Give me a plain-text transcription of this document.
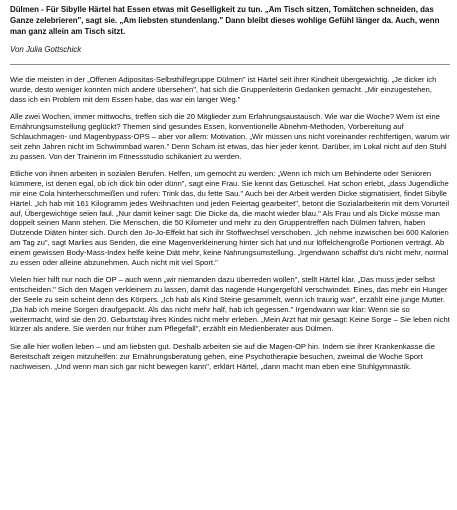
Dülmen - Für Sibylle Härtel hat Essen etwas mit Geselligkeit zu tun. „Am Tisch sitzen, Tomätchen schneiden, das Ganze zelebrieren", sagt sie. „Am liebsten stundenlang." Dann bleibt dieses wohlige Gefühl länger da. Auch, wenn man ganz allein am Tisch sitzt.

Von Julia Gottschick

Wie die meisten in der „Offenen Adipositas-Selbsthilfegruppe Dülmen" ist Härtel seit ihrer Kindheit übergewichtig. „Je dicker ich wurde, desto weniger konnten mich andere übersehen", hat sich die Gruppenleiterin Gedanken gemacht. „Mir einzugestehen, dass ich ein Problem mit dem Essen habe, das war ein langer Weg."

Alle zwei Wochen, immer mittwochs, treffen sich die 20 Mitglieder zum Erfahrungsaustausch. Wie war die Woche? Wem ist eine Ernährungsumstellung geglückt? Themen sind gesundes Essen, konventionelle Abnehm-Methoden, Vorbereitung auf Schlauchmagen- und Magenbypass-OPS – aber vor allem: Motivation. „Wir müssen uns nicht voreinander rechtfertigen, warum wir seit zehn Jahren nicht im Schwimmbad waren." Denn Scham ist etwas, das hier jeder kennt. Darüber, im Lokal nicht auf den Stuhl zu passen. Von der Trainerin im Fitnessstudio schikaniert zu werden.

Etliche von ihnen arbeiten in sozialen Berufen. Helfen, um gemocht zu werden: „Wenn ich mich um Behinderte oder Senioren kümmere, ist denen egal, ob ich dick bin oder dünn", sagt eine Frau. Sie kennt das Getuschel. Hat schon erlebt, „dass Jugendliche mir eine Cola hinterherschmeißen und rufen: Trink das, du fette Sau." Auch bei der Arbeit werden Dicke stigmatisiert, findet Sibylle Härtel. „Ich hab mit 161 Kilogramm jedes Weihnachten und jeden Feiertag gearbeitet", betont die Sozialarbeiterin mit dem Vorurteil auf, Übergewichtige seien faul. „Nur damit keiner sagt: Die Dicke da, die macht wieder blau." Als Frau und als Dicke müsse man doppelt seinen Mann stehen. Die Menschen, die 50 Kilometer und mehr zu den Gruppentreffen nach Dülmen fahren, haben Dutzende Diäten hinter sich. Durch den Jo-Jo-Effekt hat sich ihr Stoffwechsel verschoben. „Ich nehme inzwischen bei 600 Kalorien am Tag zu", sagt Marlies aus Senden, die eine Magenverkleinerung hinter sich hat und nur löffelchengroße Portionen verträgt. Ab einem gewissen Body-Mass-Index helfe keine Diät mehr, keine Nahrungsumstellung. „Irgendwann schaffst du's nicht mehr, normal zu essen oder alleine abzunehmen. Auch nicht mit viel Sport."

Vielen hier hilft nur noch die OP – auch wenn „wir niemanden dazu überreden wollen", stellt Härtel klar. „Das muss jeder selbst entscheiden." Sich den Magen verkleinern zu lassen, damit das nagende Hungergefühl verschwindet. Eines, das mehr ein Hunger der Seele zu sein scheint denn des Körpers. „Ich hab als Kind Steine gesammelt, wenn ich traurig war", erzählt eine junge Mutter. „Da hab ich meine Sorgen draufgepackt. Als das nicht mehr half, hab ich gegessen." Irgendwann war klar: Wenn sie so weitermacht, wird sie den 20. Geburtstag ihres Kindes nicht mehr erleben. „Mein Arzt hat mir gesagt: Keine Sorge – Sie leben nicht kürzer als andere. Sie werden nur früher zum Pflegefall", erzählt ein Medienberater aus Dülmen.

Sie alle hier wollen leben – und am liebsten gut. Deshalb arbeiten sie auf die Magen-OP hin. Indem sie ihrer Krankenkasse die Bereitschaft zeigen mitzuhelfen: zur Ernährungsberatung gehen, eine Psychotherapie besuchen, zweimal die Woche Sport nachweisen. „Und wenn man sich gar nicht bewegen kann", erklärt Härtel, „dann macht man eben eine Stuhlgymnastik.
